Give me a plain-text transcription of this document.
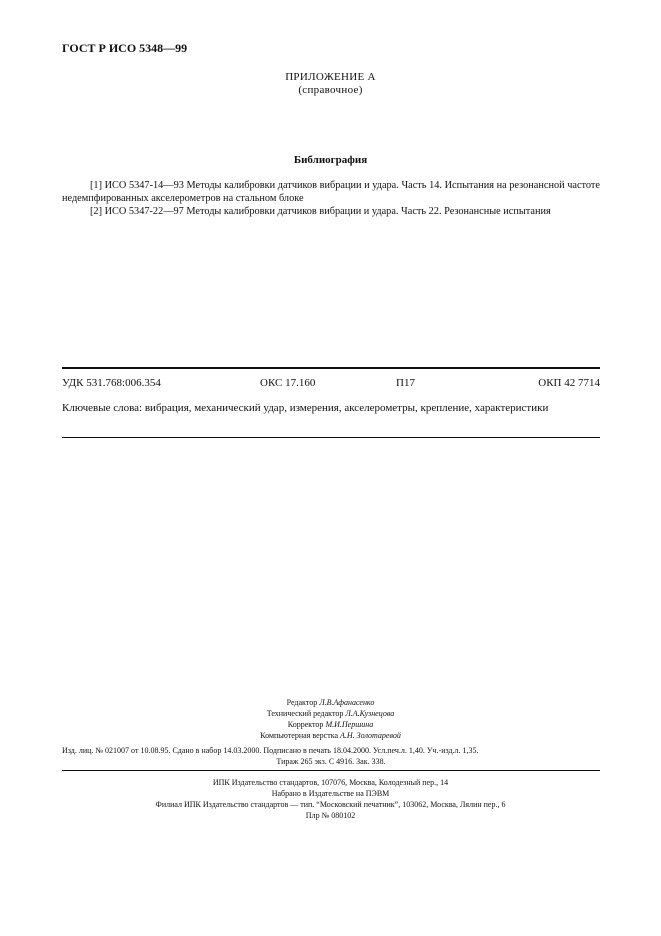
ГОСТ Р ИСО 5348—99
ПРИЛОЖЕНИЕ А
(справочное)
Библиография
[1] ИСО 5347-14—93 Методы калибровки датчиков вибрации и удара. Часть 14. Испытания на резонансной частоте недемпфированных акселерометров на стальном блоке
[2] ИСО 5347-22—97 Методы калибровки датчиков вибрации и удара. Часть 22. Резонансные испытания
УДК 531.768:006.354	ОКС 17.160	П17	ОКП 42 7714
Ключевые слова: вибрация, механический удар, измерения, акселерометры, крепление, характеристики
Редактор Л.В.Афанасенко
Технический редактор Л.А.Кузнецова
Корректор М.И.Першина
Компьютерная верстка А.Н. Золотаревой
Изд. лиц. № 021007 от 10.08.95. Сдано в набор 14.03.2000. Подписано в печать 18.04.2000. Усл.печ.л. 1,40. Уч.-изд.л. 1,35.
Тираж 265 экз. С 4916. Зак. 338.
ИПК Издательство стандартов, 107076, Москва, Колодезный пер., 14
Набрано в Издательстве на ПЭВМ
Филиал ИПК Издательство стандартов — тип. “Московский печатник”, 103062, Москва, Лялин пер., 6
Плр № 080102
